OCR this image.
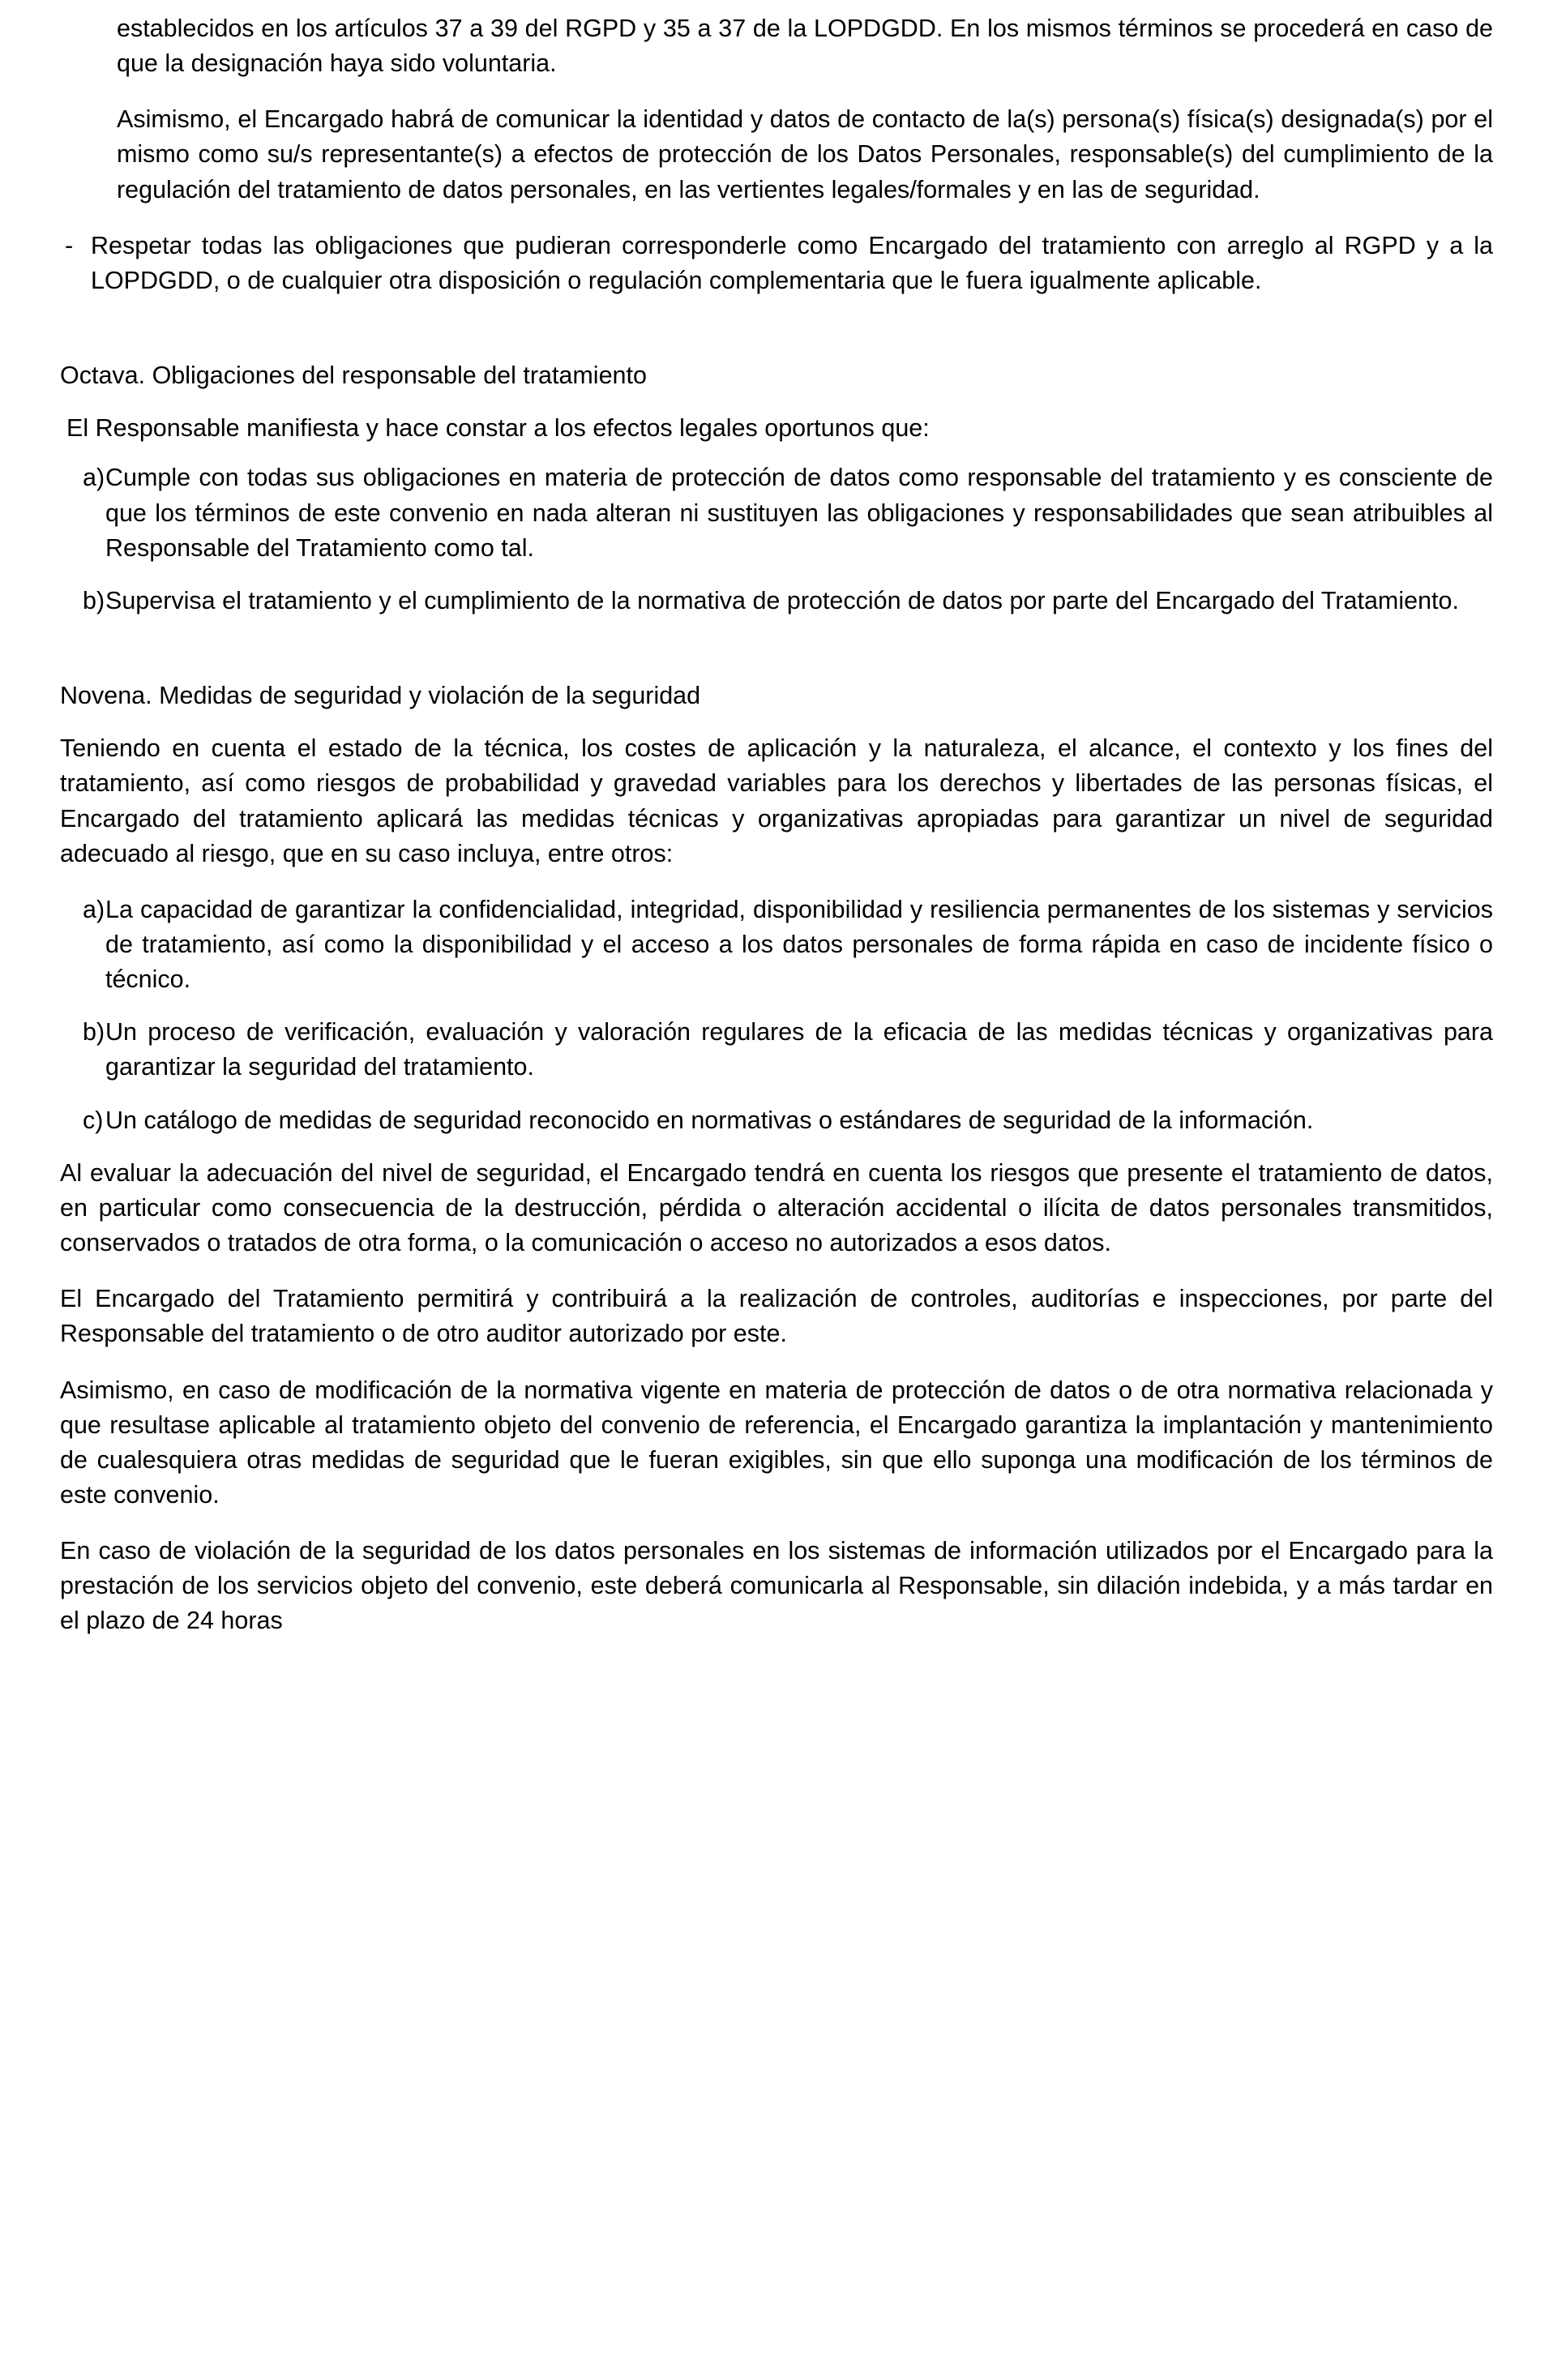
establecidos en los artículos 37 a 39 del RGPD y 35 a 37 de la LOPDGDD. En los mismos términos se procederá en caso de que la designación haya sido voluntaria.

Asimismo, el Encargado habrá de comunicar la identidad y datos de contacto de la(s) persona(s) física(s) designada(s) por el mismo como su/s representante(s) a efectos de protección de los Datos Personales, responsable(s) del cumplimiento de la regulación del tratamiento de datos personales, en las vertientes legales/formales y en las de seguridad.

- Respetar todas las obligaciones que pudieran corresponderle como Encargado del tratamiento con arreglo al RGPD y a la LOPDGDD, o de cualquier otra disposición o regulación complementaria que le fuera igualmente aplicable.

Octava. Obligaciones del responsable del tratamiento

El Responsable manifiesta y hace constar a los efectos legales oportunos que:

a) Cumple con todas sus obligaciones en materia de protección de datos como responsable del tratamiento y es consciente de que los términos de este convenio en nada alteran ni sustituyen las obligaciones y responsabilidades que sean atribuibles al Responsable del Tratamiento como tal.
b) Supervisa el tratamiento y el cumplimiento de la normativa de protección de datos por parte del Encargado del Tratamiento.

Novena. Medidas de seguridad y violación de la seguridad

Teniendo en cuenta el estado de la técnica, los costes de aplicación y la naturaleza, el alcance, el contexto y los fines del tratamiento, así como riesgos de probabilidad y gravedad variables para los derechos y libertades de las personas físicas, el Encargado del tratamiento aplicará las medidas técnicas y organizativas apropiadas para garantizar un nivel de seguridad adecuado al riesgo, que en su caso incluya, entre otros:

a) La capacidad de garantizar la confidencialidad, integridad, disponibilidad y resiliencia permanentes de los sistemas y servicios de tratamiento, así como la disponibilidad y el acceso a los datos personales de forma rápida en caso de incidente físico o técnico.
b) Un proceso de verificación, evaluación y valoración regulares de la eficacia de las medidas técnicas y organizativas para garantizar la seguridad del tratamiento.
c) Un catálogo de medidas de seguridad reconocido en normativas o estándares de seguridad de la información.

Al evaluar la adecuación del nivel de seguridad, el Encargado tendrá en cuenta los riesgos que presente el tratamiento de datos, en particular como consecuencia de la destrucción, pérdida o alteración accidental o ilícita de datos personales transmitidos, conservados o tratados de otra forma, o la comunicación o acceso no autorizados a esos datos.

El Encargado del Tratamiento permitirá y contribuirá a la realización de controles, auditorías e inspecciones, por parte del Responsable del tratamiento o de otro auditor autorizado por este.

Asimismo, en caso de modificación de la normativa vigente en materia de protección de datos o de otra normativa relacionada y que resultase aplicable al tratamiento objeto del convenio de referencia, el Encargado garantiza la implantación y mantenimiento de cualesquiera otras medidas de seguridad que le fueran exigibles, sin que ello suponga una modificación de los términos de este convenio.

En caso de violación de la seguridad de los datos personales en los sistemas de información utilizados por el Encargado para la prestación de los servicios objeto del convenio, este deberá comunicarla al Responsable, sin dilación indebida, y a más tardar en el plazo de 24 horas
